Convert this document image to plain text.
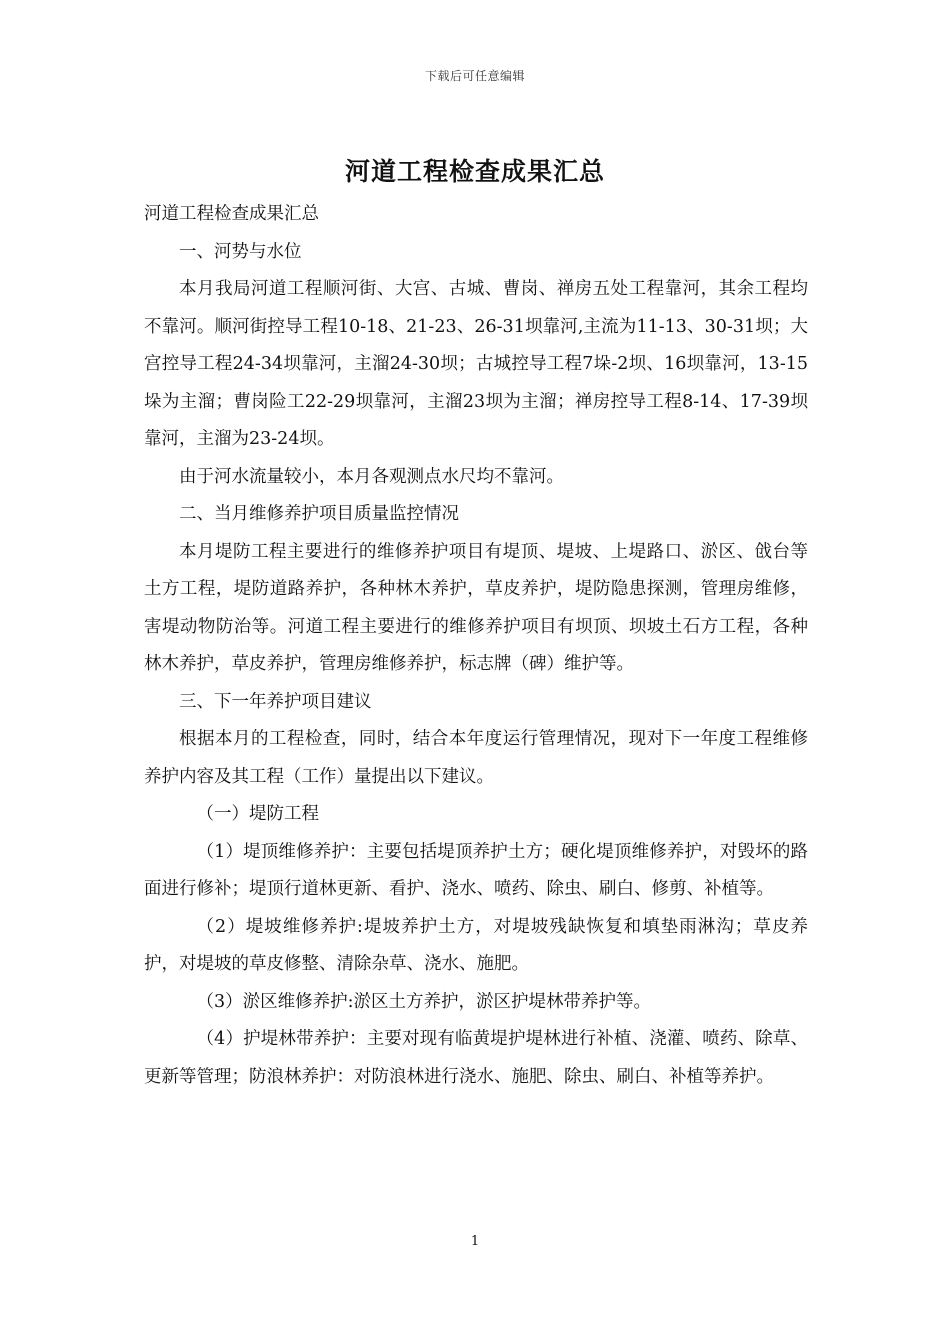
下载后可任意编辑
河道工程检查成果汇总

河道工程检查成果汇总

一、河势与水位

本月我局河道工程顺河街、大宫、古城、曹岗、禅房五处工程靠河，其余工程均不靠河。顺河街控导工程10-18、21-23、26-31坝靠河,主流为11-13、30-31坝；大宫控导工程24-34坝靠河，主溜24-30坝；古城控导工程7垛-2坝、16坝靠河，13-15垛为主溜；曹岗险工22-29坝靠河，主溜23坝为主溜；禅房控导工程8-14、17-39坝靠河，主溜为23-24坝。

由于河水流量较小，本月各观测点水尺均不靠河。

二、当月维修养护项目质量监控情况

本月堤防工程主要进行的维修养护项目有堤顶、堤坡、上堤路口、淤区、戗台等土方工程，堤防道路养护，各种林木养护，草皮养护，堤防隐患探测，管理房维修，害堤动物防治等。河道工程主要进行的维修养护项目有坝顶、坝坡土石方工程，各种林木养护，草皮养护，管理房维修养护，标志牌（碑）维护等。

三、下一年养护项目建议

根据本月的工程检查，同时，结合本年度运行管理情况，现对下一年度工程维修养护内容及其工程（工作）量提出以下建议。

（一）堤防工程

（1）堤顶维修养护：主要包括堤顶养护土方；硬化堤顶维修养护，对毁坏的路面进行修补；堤顶行道林更新、看护、浇水、喷药、除虫、刷白、修剪、补植等。

（2）堤坡维修养护:堤坡养护土方，对堤坡残缺恢复和填垫雨淋沟；草皮养护，对堤坡的草皮修整、清除杂草、浇水、施肥。

（3）淤区维修养护:淤区土方养护，淤区护堤林带养护等。

（4）护堤林带养护：主要对现有临黄堤护堤林进行补植、浇灌、喷药、除草、更新等管理；防浪林养护：对防浪林进行浇水、施肥、除虫、刷白、补植等养护。

1
